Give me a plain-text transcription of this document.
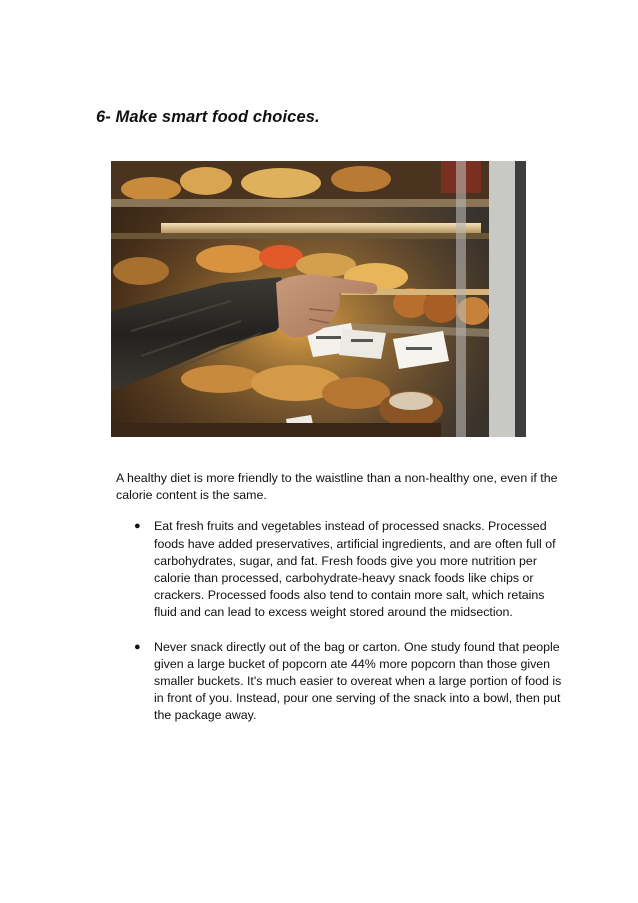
6- Make smart food choices.

A healthy diet is more friendly to the waistline than a non-healthy one, even if the calorie content is the same.

● Eat fresh fruits and vegetables instead of processed snacks. Processed foods have added preservatives, artificial ingredients, and are often full of carbohydrates, sugar, and fat. Fresh foods give you more nutrition per calorie than processed, carbohydrate-heavy snack foods like chips or crackers. Processed foods also tend to contain more salt, which retains fluid and can lead to excess weight stored around the midsection.
● Never snack directly out of the bag or carton. One study found that people given a large bucket of popcorn ate 44% more popcorn than those given smaller buckets. It's much easier to overeat when a large portion of food is in front of you. Instead, pour one serving of the snack into a bowl, then put the package away.
